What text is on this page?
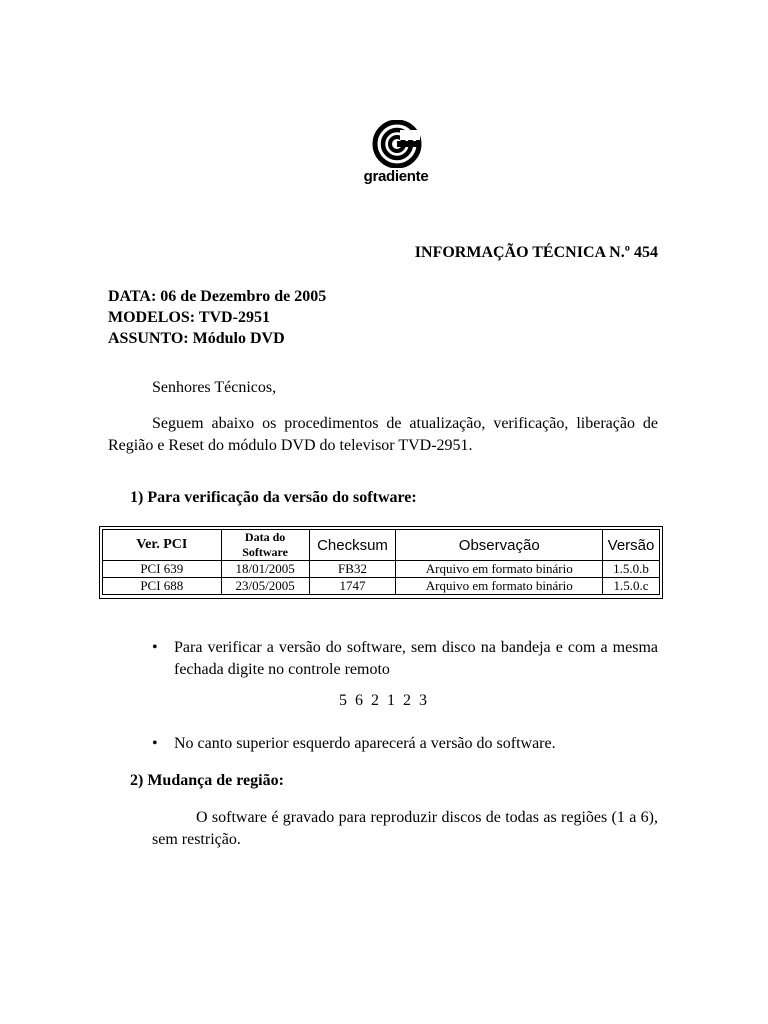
gradiente
INFORMAÇÃO TÉCNICA N.º 454
DATA: 06 de Dezembro de 2005
MODELOS: TVD-2951
ASSUNTO: Módulo DVD
Senhores Técnicos,
Seguem abaixo os procedimentos de atualização, verificação, liberação de Região e Reset do módulo DVD do televisor TVD-2951.
1) Para verificação da versão do software:
Ver. PCI	Data do Software	Checksum	Observação	Versão
PCI 639	18/01/2005	FB32	Arquivo em formato binário	1.5.0.b
PCI 688	23/05/2005	1747	Arquivo em formato binário	1.5.0.c
• Para verificar a versão do software, sem disco na bandeja e com a mesma fechada digite no controle remoto
5 6 2 1 2 3
• No canto superior esquerdo aparecerá a versão do software.
2) Mudança de região:
O software é gravado para reproduzir discos de todas as regiões (1 a 6), sem restrição.
